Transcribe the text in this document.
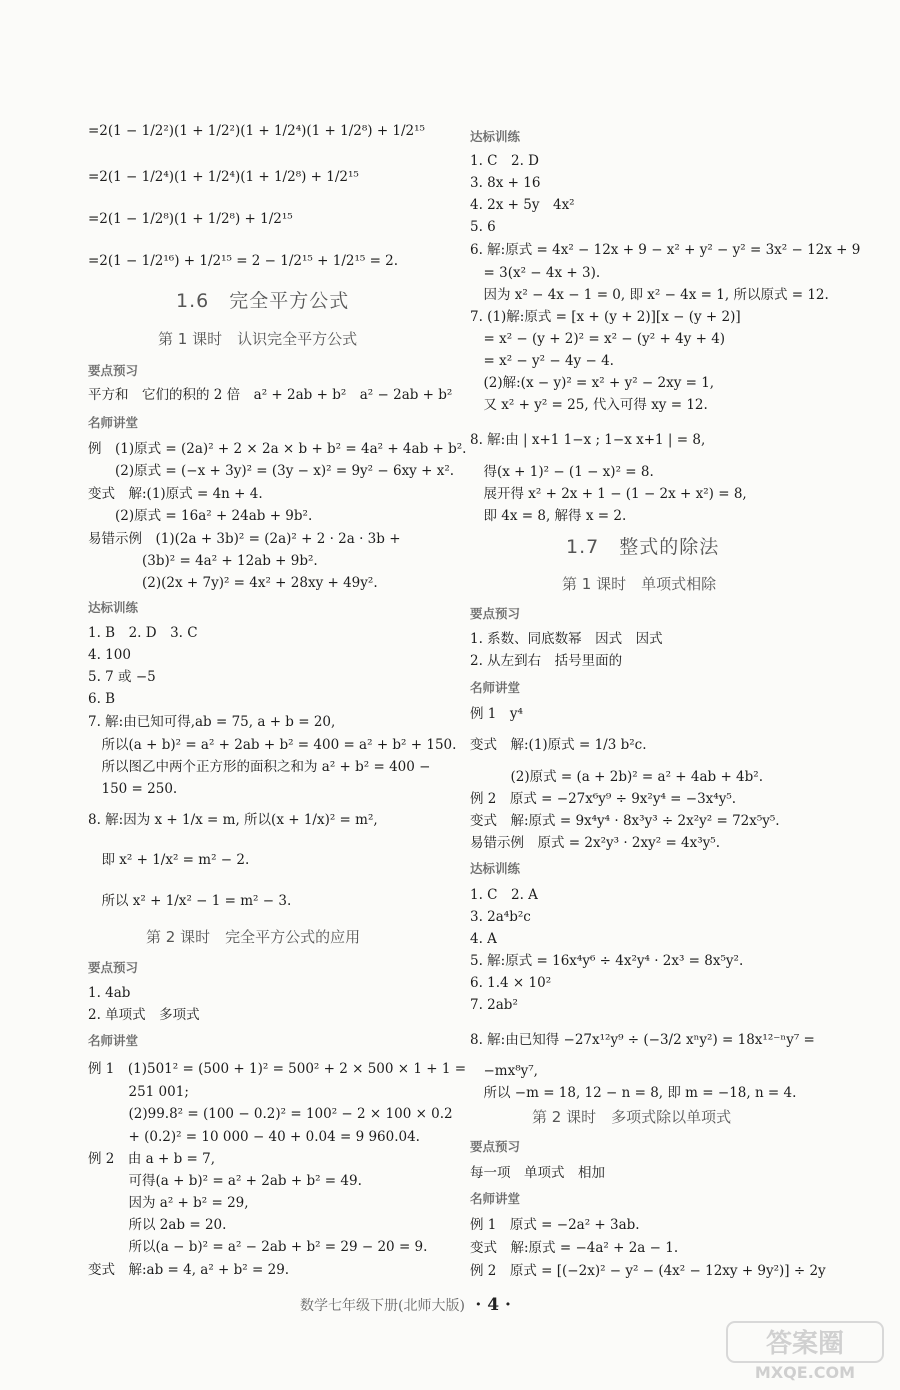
=2(1 − 1/2²)(1 + 1/2²)(1 + 1/2⁴)(1 + 1/2⁸) + 1/2¹⁵
=2(1 − 1/2⁴)(1 + 1/2⁴)(1 + 1/2⁸) + 1/2¹⁵
=2(1 − 1/2⁸)(1 + 1/2⁸) + 1/2¹⁵
=2(1 − 1/2¹⁶) + 1/2¹⁵ = 2 − 1/2¹⁵ + 1/2¹⁵ = 2.
1.6　完全平方公式
第 1 课时　认识完全平方公式
要点预习
平方和　它们的积的 2 倍　a² + 2ab + b²　a² − 2ab + b²
名师讲堂
例　(1)原式 = (2a)² + 2 × 2a × b + b² = 4a² + 4ab + b².
　　(2)原式 = (−x + 3y)² = (3y − x)² = 9y² − 6xy + x².
变式　解:(1)原式 = 4n + 4.
　　(2)原式 = 16a² + 24ab + 9b².
易错示例　(1)(2a + 3b)² = (2a)² + 2 · 2a · 3b +
　　　　(3b)² = 4a² + 12ab + 9b².
　　　　(2)(2x + 7y)² = 4x² + 28xy + 49y².
达标训练
1. B　2. D　3. C
4. 100
5. 7 或 −5
6. B
7. 解:由已知可得,ab = 75, a + b = 20,
　所以(a + b)² = a² + 2ab + b² = 400 = a² + b² + 150.
　所以图乙中两个正方形的面积之和为 a² + b² = 400 −
　150 = 250.
8. 解:因为 x + 1/x = m, 所以(x + 1/x)² = m²,
　即 x² + 1/x² = m² − 2.
　所以 x² + 1/x² − 1 = m² − 3.
第 2 课时　完全平方公式的应用
要点预习
1. 4ab
2. 单项式　多项式
名师讲堂
例 1　(1)501² = (500 + 1)² = 500² + 2 × 500 × 1 + 1 =
　　　251 001;
　　　(2)99.8² = (100 − 0.2)² = 100² − 2 × 100 × 0.2
　　　+ (0.2)² = 10 000 − 40 + 0.04 = 9 960.04.
例 2　由 a + b = 7,
　　　可得(a + b)² = a² + 2ab + b² = 49.
　　　因为 a² + b² = 29,
　　　所以 2ab = 20.
　　　所以(a − b)² = a² − 2ab + b² = 29 − 20 = 9.
变式　解:ab = 4, a² + b² = 29.
达标训练
1. C　2. D
3. 8x + 16
4. 2x + 5y　4x²
5. 6
6. 解:原式 = 4x² − 12x + 9 − x² + y² − y² = 3x² − 12x + 9
　= 3(x² − 4x + 3).
　因为 x² − 4x − 1 = 0, 即 x² − 4x = 1, 所以原式 = 12.
7. (1)解:原式 = [x + (y + 2)][x − (y + 2)]
　= x² − (y + 2)² = x² − (y² + 4y + 4)
　= x² − y² − 4y − 4.
　(2)解:(x − y)² = x² + y² − 2xy = 1,
　又 x² + y² = 25, 代入可得 xy = 12.
8. 解:由 | x+1 1−x ; 1−x x+1 | = 8,
　得(x + 1)² − (1 − x)² = 8.
　展开得 x² + 2x + 1 − (1 − 2x + x²) = 8,
　即 4x = 8, 解得 x = 2.
1.7　整式的除法
第 1 课时　单项式相除
要点预习
1. 系数、同底数幂　因式　因式
2. 从左到右　括号里面的
名师讲堂
例 1　y⁴
变式　解:(1)原式 = 1/3 b²c.
　　　(2)原式 = (a + 2b)² = a² + 4ab + 4b².
例 2　原式 = −27x⁶y⁹ ÷ 9x²y⁴ = −3x⁴y⁵.
变式　解:原式 = 9x⁴y⁴ · 8x³y³ ÷ 2x²y² = 72x⁵y⁵.
易错示例　原式 = 2x²y³ · 2xy² = 4x³y⁵.
达标训练
1. C　2. A
3. 2a⁴b²c
4. A
5. 解:原式 = 16x⁴y⁶ ÷ 4x²y⁴ · 2x³ = 8x⁵y².
6. 1.4 × 10²
7. 2ab²
8. 解:由已知得 −27x¹²y⁹ ÷ (−3/2 xⁿy²) = 18x¹²⁻ⁿy⁷ =
　−mx⁸y⁷,
　所以 −m = 18, 12 − n = 8, 即 m = −18, n = 4.
第 2 课时　多项式除以单项式
要点预习
每一项　单项式　相加
名师讲堂
例 1　原式 = −2a² + 3ab.
变式　解:原式 = −4a² + 2a − 1.
例 2　原式 = [(−2x)² − y² − (4x² − 12xy + 9y²)] ÷ 2y
数学七年级下册(北师大版) · 4 ·
答案圈
MXQE.COM
